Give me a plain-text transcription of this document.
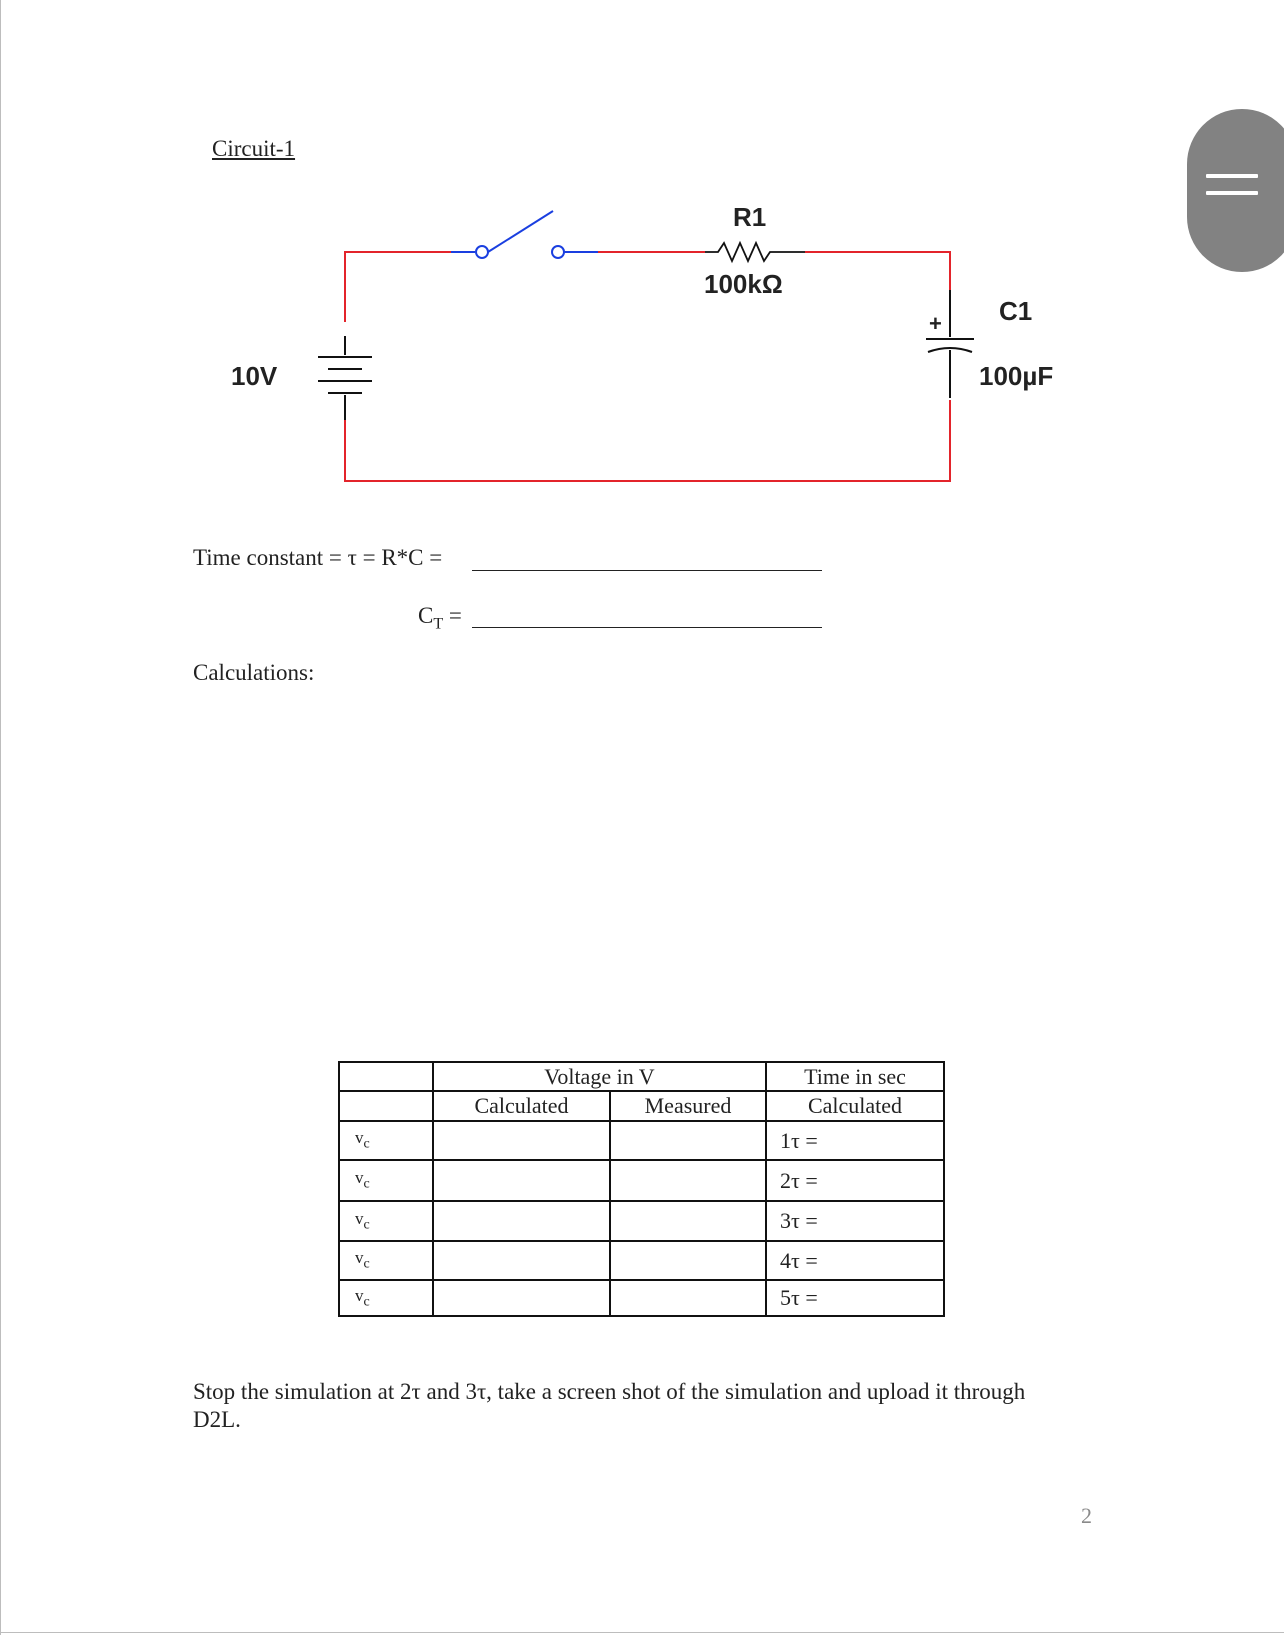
Circuit-1
10V
R1
100kΩ
C1
100µF
+
Time constant = τ = R*C =
$C_T$ =
Calculations:
	Voltage in V		Time in sec
	Calculated	Measured	Calculated
$v_c$			1τ =
$v_c$			2τ =
$v_c$			3τ =
$v_c$			4τ =
$v_c$			5τ =
Stop the simulation at 2τ and 3τ, take a screen shot of the simulation and upload it through D2L.
2
